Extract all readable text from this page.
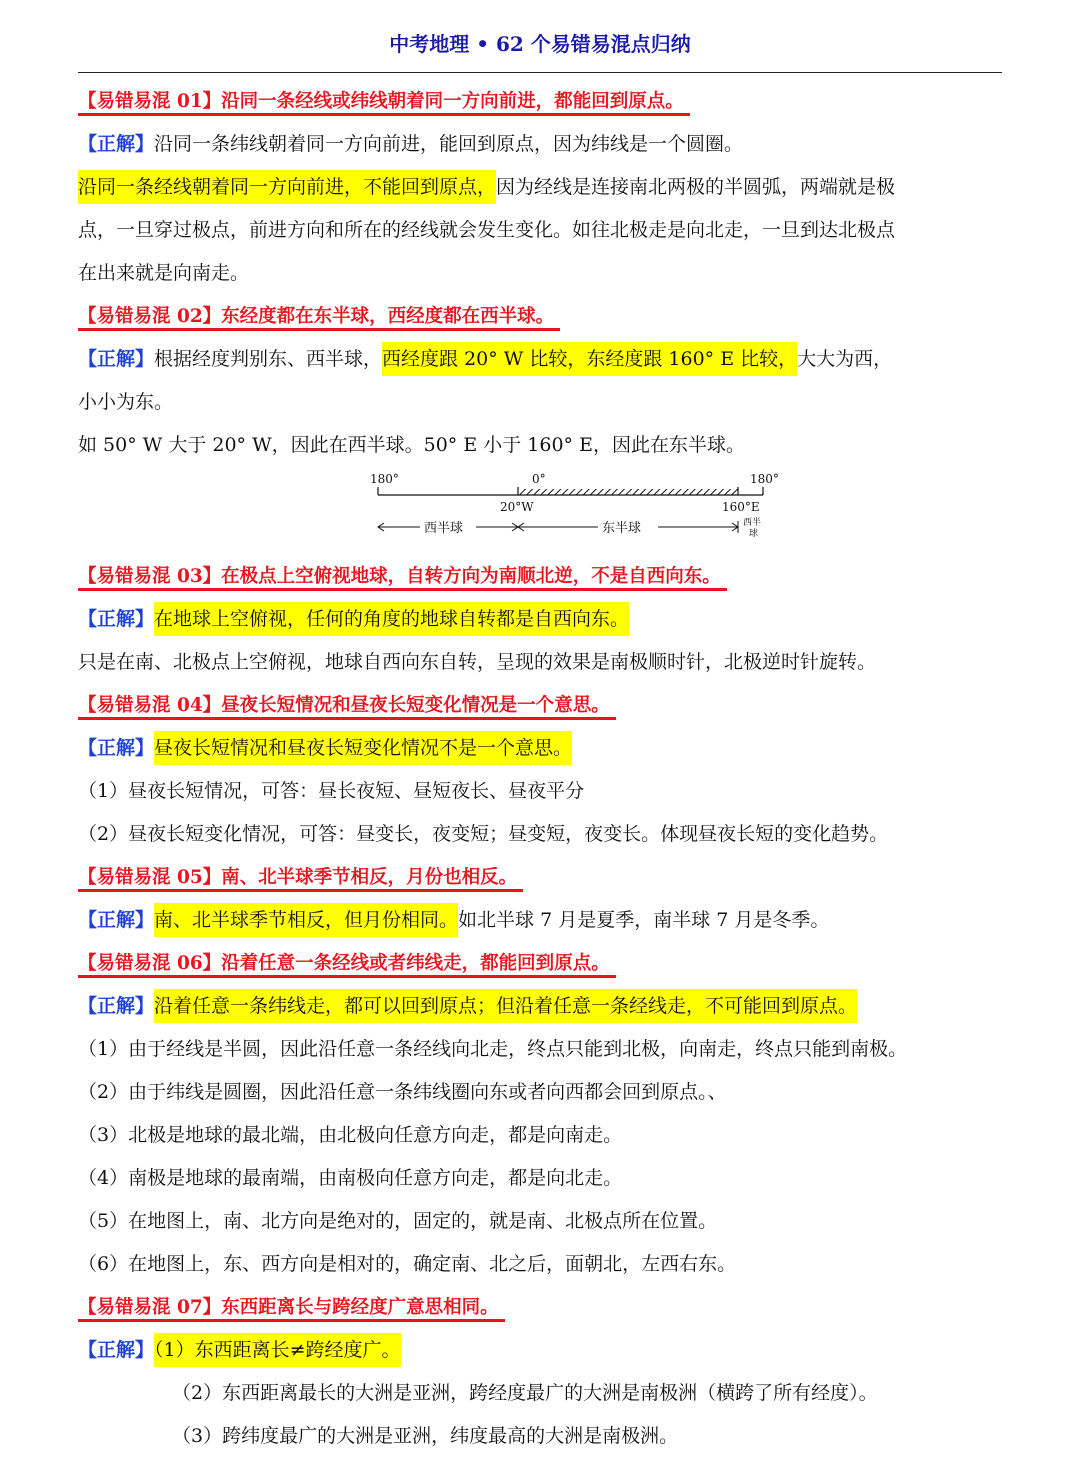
中考地理 • 62 个易错易混点归纳
【易错易混 01】沿同一条经线或纬线朝着同一方向前进，都能回到原点。
【正解】沿同一条纬线朝着同一方向前进，能回到原点，因为纬线是一个圆圈。
沿同一条经线朝着同一方向前进，不能回到原点，因为经线是连接南北两极的半圆弧，两端就是极
点，一旦穿过极点，前进方向和所在的经线就会发生变化。如往北极走是向北走，一旦到达北极点
在出来就是向南走。
【易错易混 02】东经度都在东半球，西经度都在西半球。
【正解】根据经度判别东、西半球，西经度跟 20° W 比较，东经度跟 160° E 比较，大大为西，
小小为东。
如 50° W 大于 20° W，因此在西半球。50° E 小于 160° E，因此在东半球。
180°	0°	180°
20°W	160°E
西半球	东半球	西半
球
【易错易混 03】在极点上空俯视地球，自转方向为南顺北逆，不是自西向东。
【正解】在地球上空俯视，任何的角度的地球自转都是自西向东。
只是在南、北极点上空俯视，地球自西向东自转，呈现的效果是南极顺时针，北极逆时针旋转。
【易错易混 04】昼夜长短情况和昼夜长短变化情况是一个意思。
【正解】昼夜长短情况和昼夜长短变化情况不是一个意思。
（1）昼夜长短情况，可答：昼长夜短、昼短夜长、昼夜平分
（2）昼夜长短变化情况，可答：昼变长，夜变短；昼变短，夜变长。体现昼夜长短的变化趋势。
【易错易混 05】南、北半球季节相反，月份也相反。
【正解】南、北半球季节相反，但月份相同。如北半球 7 月是夏季，南半球 7 月是冬季。
【易错易混 06】沿着任意一条经线或者纬线走，都能回到原点。
【正解】沿着任意一条纬线走，都可以回到原点；但沿着任意一条经线走，不可能回到原点。
（1）由于经线是半圆，因此沿任意一条经线向北走，终点只能到北极，向南走，终点只能到南极。
（2）由于纬线是圆圈，因此沿任意一条纬线圈向东或者向西都会回到原点。、
（3）北极是地球的最北端，由北极向任意方向走，都是向南走。
（4）南极是地球的最南端，由南极向任意方向走，都是向北走。
（5）在地图上，南、北方向是绝对的，固定的，就是南、北极点所在位置。
（6）在地图上，东、西方向是相对的，确定南、北之后，面朝北，左西右东。
【易错易混 07】东西距离长与跨经度广意思相同。
【正解】（1）东西距离长≠跨经度广。
（2）东西距离最长的大洲是亚洲，跨经度最广的大洲是南极洲（横跨了所有经度）。
（3）跨纬度最广的大洲是亚洲，纬度最高的大洲是南极洲。
